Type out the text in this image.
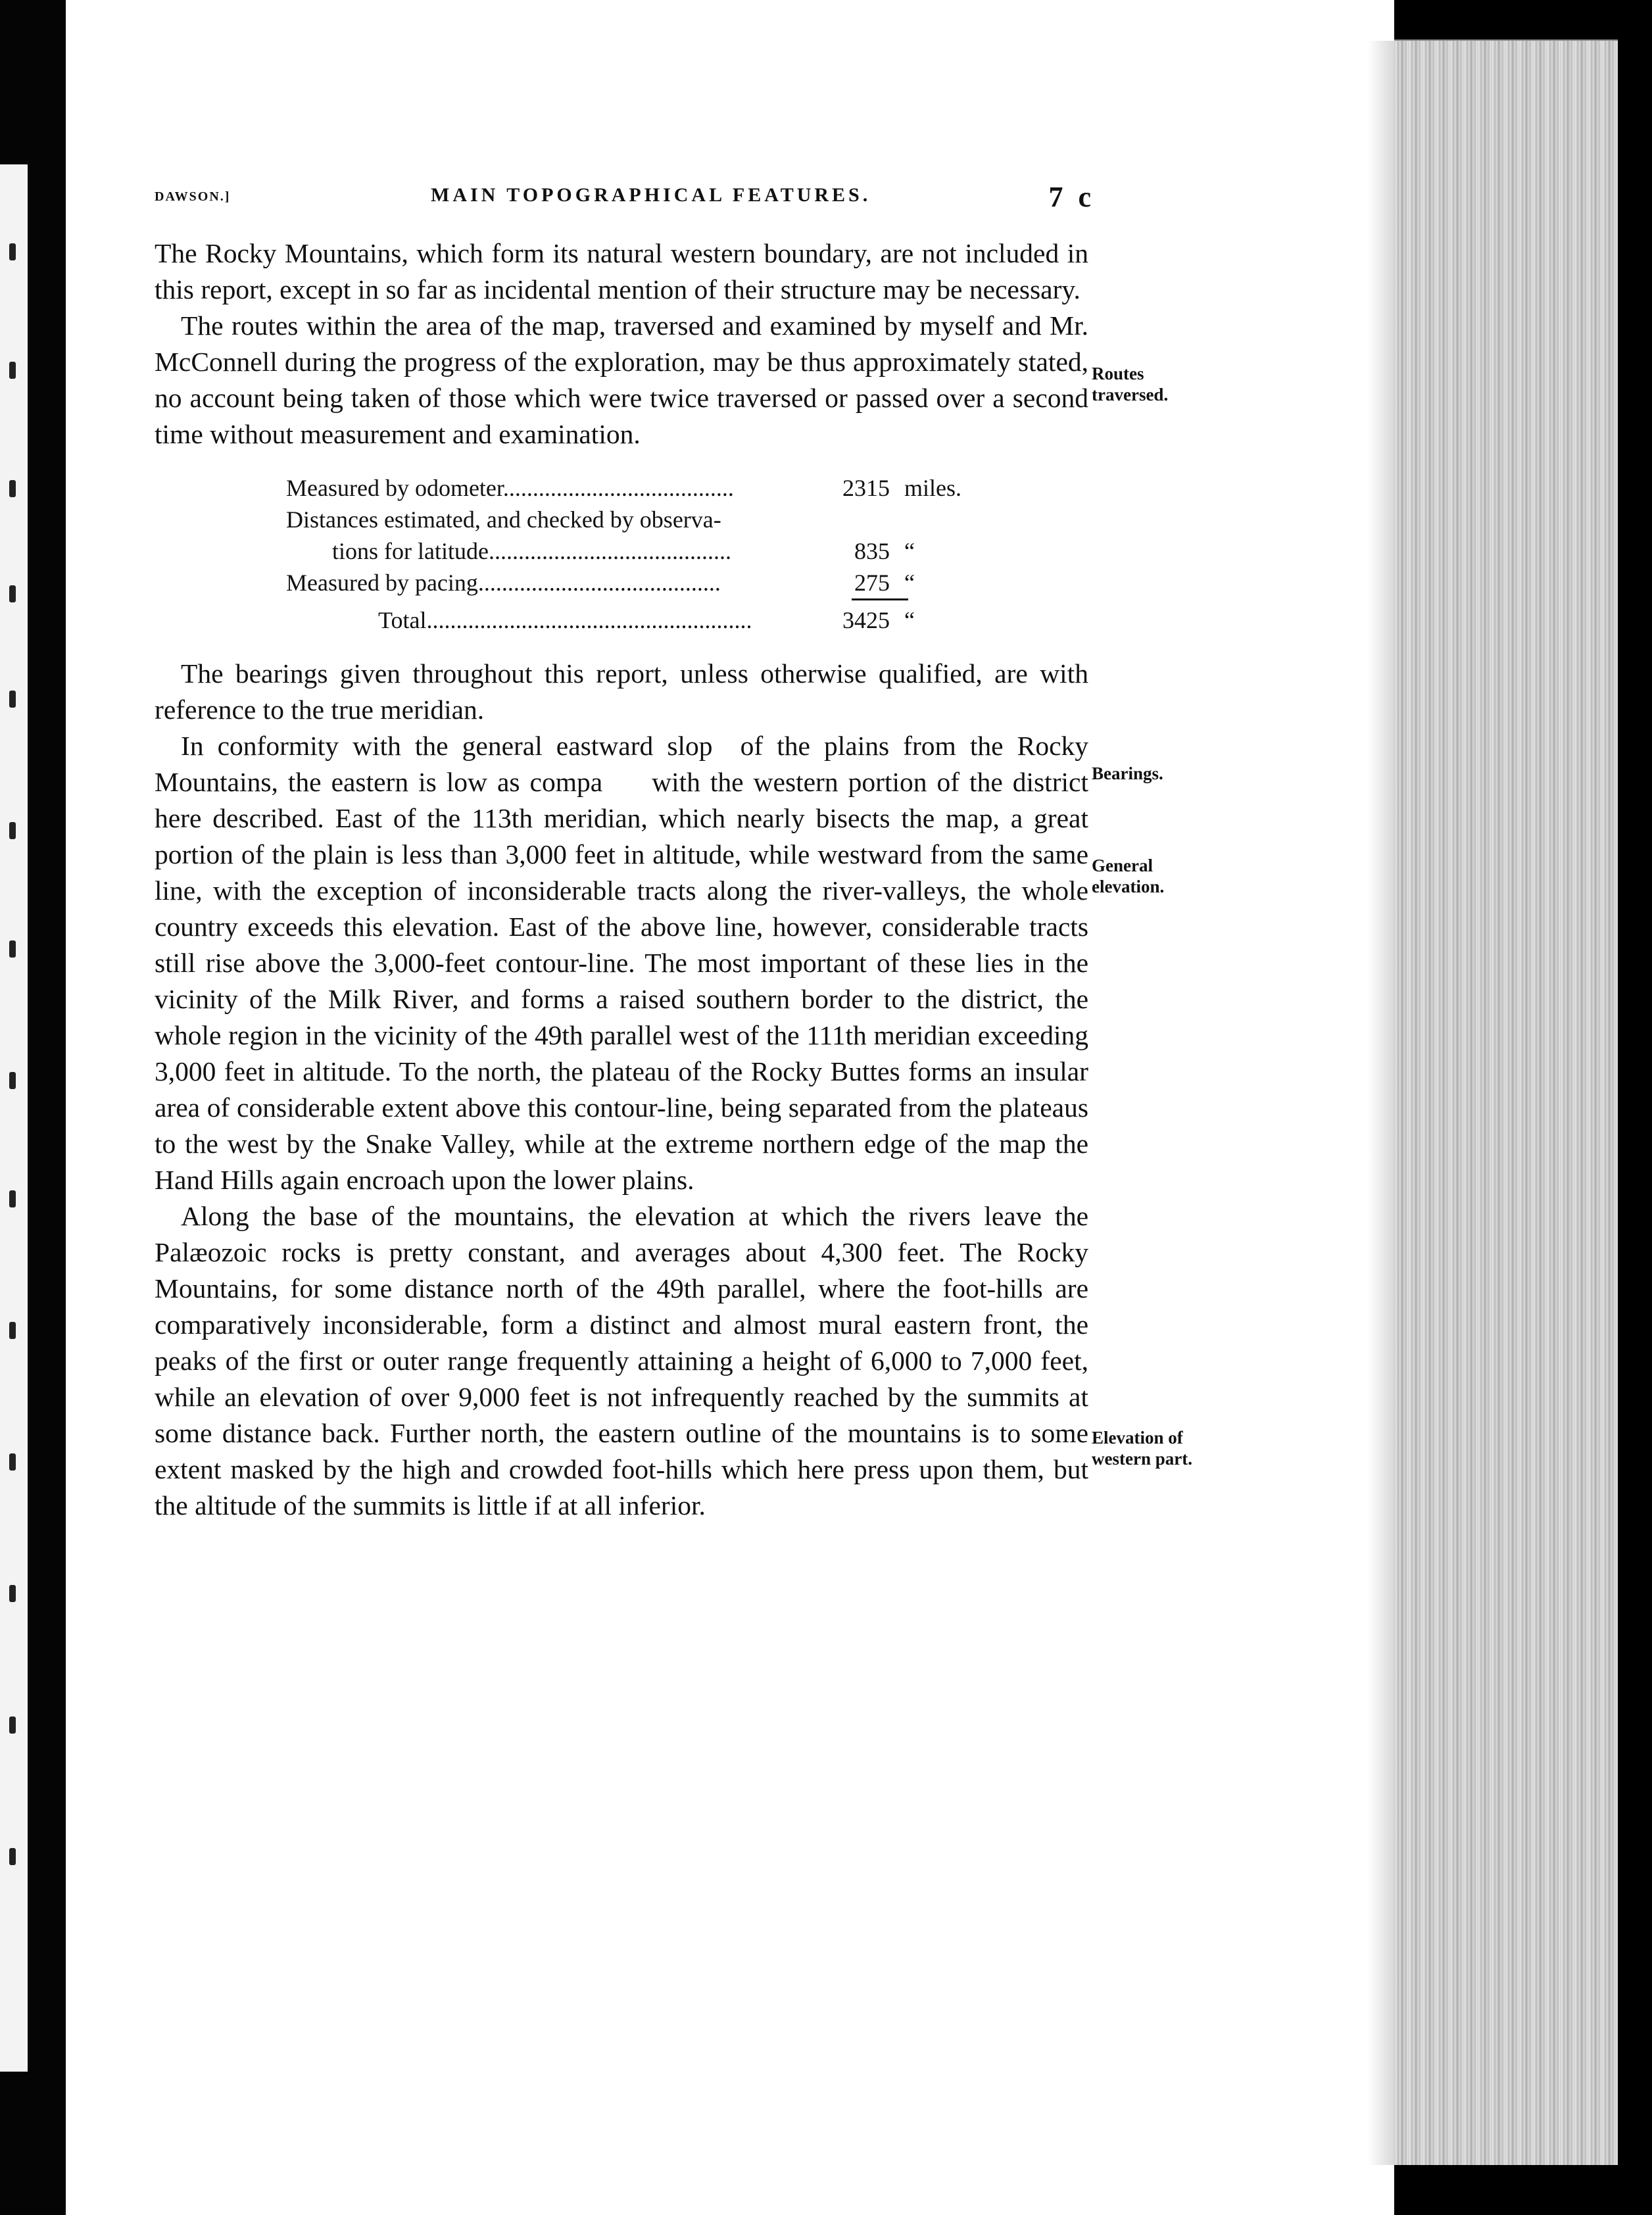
DAWSON.]	MAIN TOPOGRAPHICAL FEATURES.	7 c

The Rocky Mountains, which form its natural western boundary, are not included in this report, except in so far as incidental mention of their structure may be necessary.

The routes within the area of the map, traversed and examined by myself and Mr. McConnell during the progress of the exploration, may be thus approximately stated, no account being taken of those which were twice traversed or passed over a second time without measurement and examination.

Measured by odometer.......................................	2315 miles.
Distances estimated, and checked by observa-
tions for latitude.........................................	835 “
Measured by pacing.........................................	275 “
Total.......................................................	3425 “

The bearings given throughout this report, unless otherwise qualified, are with reference to the true meridian.

In conformity with the general eastward slop  of the plains from the Rocky Mountains, the eastern is low as compa     with the western portion of the district here described. East of the 113th meridian, which nearly bisects the map, a great portion of the plain is less than 3,000 feet in altitude, while westward from the same line, with the exception of inconsiderable tracts along the river-valleys, the whole country exceeds this elevation. East of the above line, however, considerable tracts still rise above the 3,000-feet contour-line. The most important of these lies in the vicinity of the Milk River, and forms a raised southern border to the district, the whole region in the vicinity of the 49th parallel west of the 111th meridian exceeding 3,000 feet in altitude. To the north, the plateau of the Rocky Buttes forms an insular area of considerable extent above this contour-line, being separated from the plateaus to the west by the Snake Valley, while at the extreme northern edge of the map the Hand Hills again encroach upon the lower plains.

Along the base of the mountains, the elevation at which the rivers leave the Palæozoic rocks is pretty constant, and averages about 4,300 feet. The Rocky Mountains, for some distance north of the 49th parallel, where the foot-hills are comparatively inconsiderable, form a distinct and almost mural eastern front, the peaks of the first or outer range frequently attaining a height of 6,000 to 7,000 feet, while an elevation of over 9,000 feet is not infrequently reached by the summits at some distance back. Further north, the eastern outline of the mountains is to some extent masked by the high and crowded foot-hills which here press upon them, but the altitude of the summits is little if at all inferior.

Routes traversed.
Bearings.
General elevation.
Elevation of western part.
